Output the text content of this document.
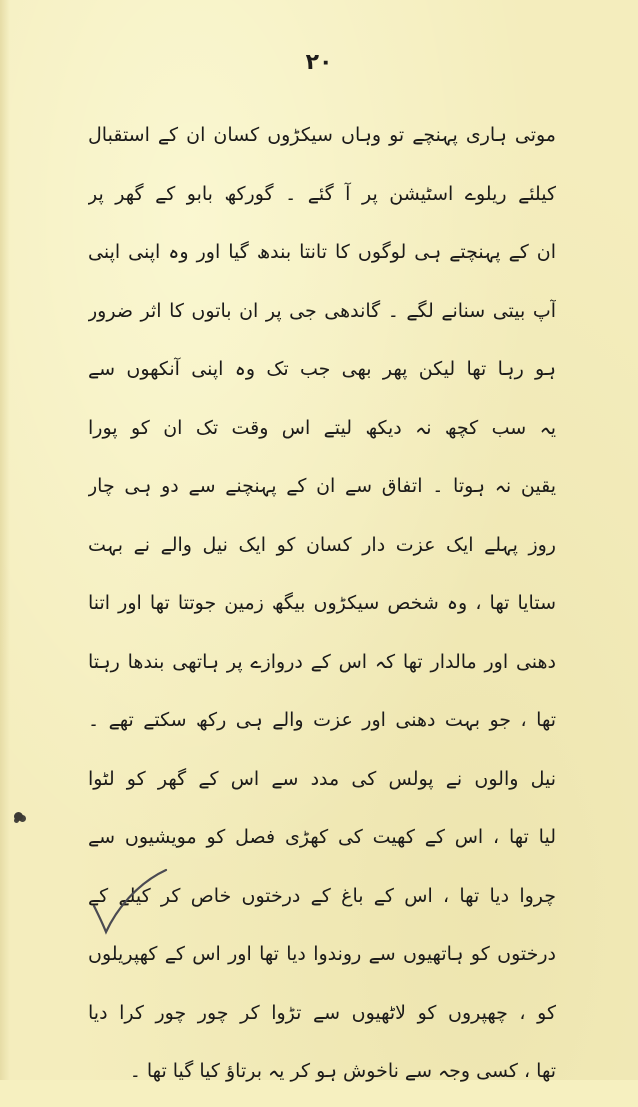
۲۰
موتی ہاری پہنچے تو وہاں سیکڑوں کسان ان کے استقبال
کیلئے ریلوے اسٹیشن پر آ گئے ۔ گورکھ بابو کے گھر پر
ان کے پہنچتے ہی لوگوں کا تانتا بندھ گیا اور وہ اپنی اپنی
آپ بیتی سنانے لگے ۔ گاندھی جی پر ان باتوں کا اثر ضرور
ہو رہا تھا لیکن پھر بھی جب تک وہ اپنی آنکھوں سے
یہ سب کچھ نہ دیکھ لیتے اس وقت تک ان کو پورا
یقین نہ ہوتا ۔ اتفاق سے ان کے پہنچنے سے دو ہی چار
روز پہلے ایک عزت دار کسان کو ایک نیل والے نے بہت
ستایا تھا ، وہ شخص سیکڑوں بیگھ زمین جوتتا تھا اور اتنا
دھنی اور مالدار تھا کہ اس کے دروازے پر ہاتھی بندھا رہتا
تھا ، جو بہت دھنی اور عزت والے ہی رکھ سکتے تھے ۔
نیل والوں نے پولس کی مدد سے اس کے گھر کو لٹوا
لیا تھا ، اس کے کھیت کی کھڑی فصل کو مویشیوں سے
چروا دیا تھا ، اس کے باغ کے درختوں خاص کر کیلے کے
درختوں کو ہاتھیوں سے روندوا دیا تھا اور اس کے کھپریلوں
کو ، چھپروں کو لاٹھیوں سے تڑوا کر چور چور کرا دیا
تھا ، کسی وجہ سے ناخوش ہو کر یہ برتاؤ کیا گیا تھا ۔
